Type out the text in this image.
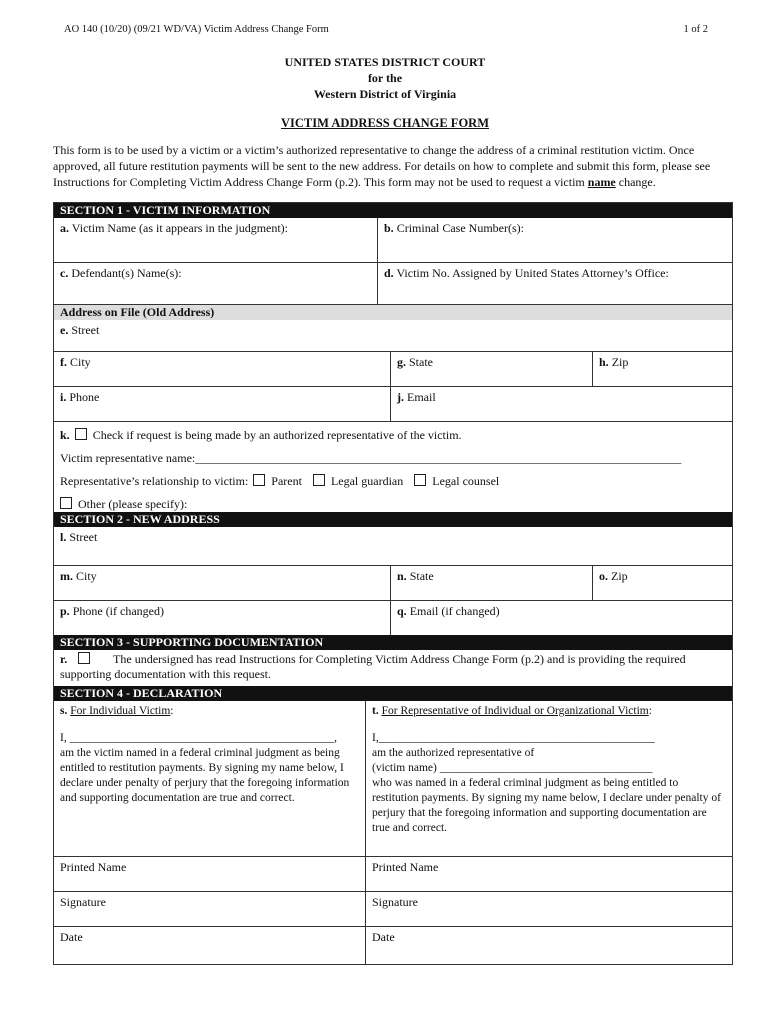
AO 140 (10/20) (09/21 WD/VA) Victim Address Change Form	1 of 2
UNITED STATES DISTRICT COURT
for the
Western District of Virginia
VICTIM ADDRESS CHANGE FORM
This form is to be used by a victim or a victim’s authorized representative to change the address of a criminal restitution victim. Once approved, all future restitution payments will be sent to the new address. For details on how to complete and submit this form, please see Instructions for Completing Victim Address Change Form (p.2). This form may not be used to request a victim name change.
SECTION 1 - VICTIM INFORMATION
a. Victim Name (as it appears in the judgment):	b. Criminal Case Number(s):
c. Defendant(s) Name(s):	d. Victim No. Assigned by United States Attorney’s Office:
Address on File (Old Address)
e. Street
f. City	g. State	h. Zip
i. Phone	j. Email
k. Check if request is being made by an authorized representative of the victim.
Victim representative name:_________________________________________________________________________________
Representative’s relationship to victim: Parent Legal guardian Legal counsel
Other (please specify):
SECTION 2 - NEW ADDRESS
l. Street
m. City	n. State	o. Zip
p. Phone (if changed)	q. Email (if changed)
SECTION 3 - SUPPORTING DOCUMENTATION
r.	The undersigned has read Instructions for Completing Victim Address Change Form (p.2) and is providing the required supporting documentation with this request.
SECTION 4 - DECLARATION
s. For Individual Victim:
I, ______________________________________________,
am the victim named in a federal criminal judgment as being entitled to restitution payments. By signing my name below, I declare under penalty of perjury that the foregoing information and supporting documentation are true and correct.
t. For Representative of Individual or Organizational Victim:
I,________________________________________________
am the authorized representative of
(victim name) _____________________________________
who was named in a federal criminal judgment as being entitled to restitution payments. By signing my name below, I declare under penalty of perjury that the foregoing information and supporting documentation are true and correct.
Printed Name	Printed Name
Signature	Signature
Date	Date
